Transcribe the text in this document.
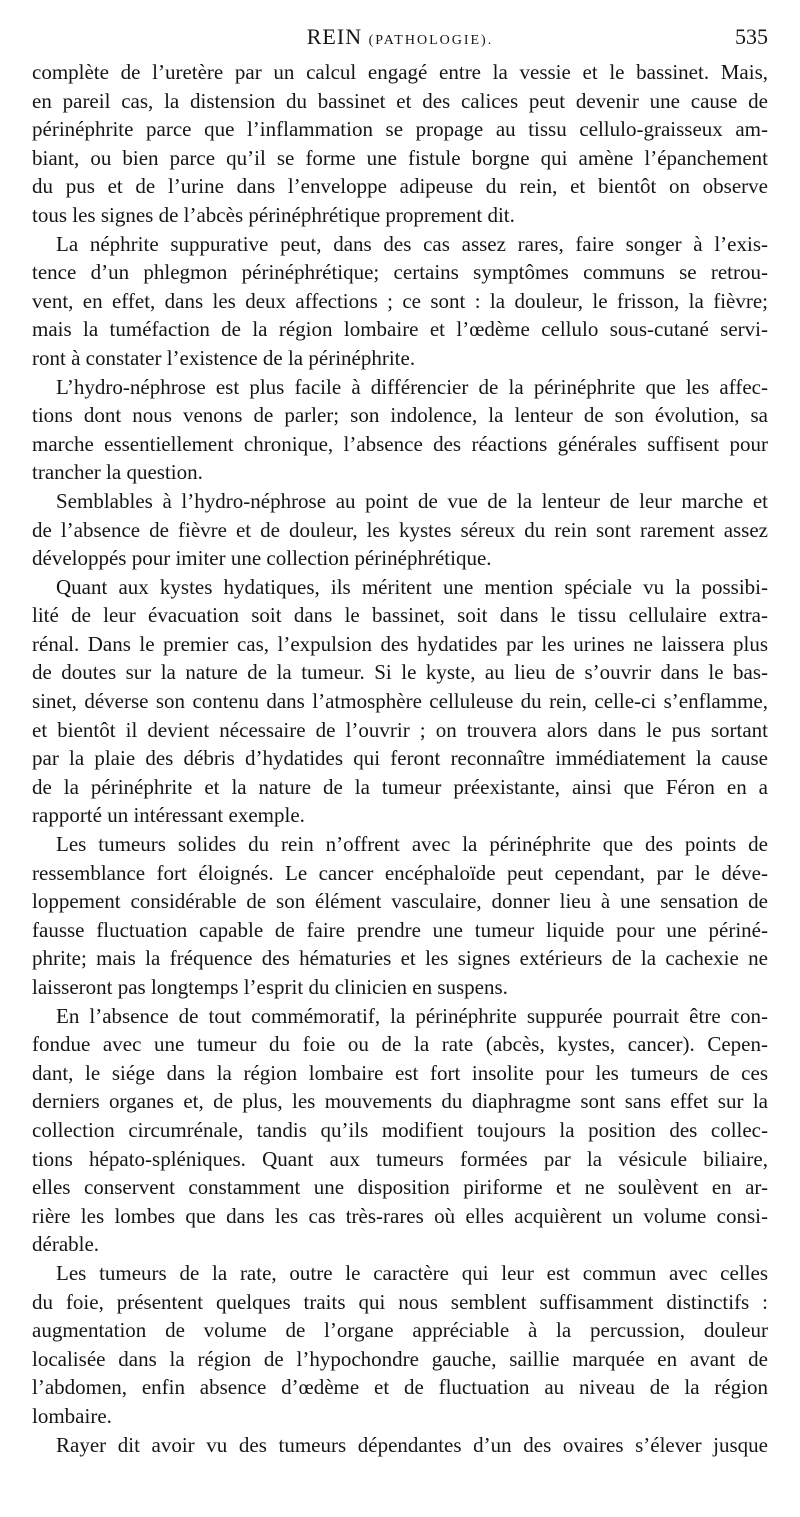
REIN (PATHOLOGIE).	535
complète de l’uretère par un calcul engagé entre la vessie et le bassinet. Mais,
en pareil cas, la distension du bassinet et des calices peut devenir une cause de
périnéphrite parce que l’inflammation se propage au tissu cellulo-graisseux am-
biant, ou bien parce qu’il se forme une fistule borgne qui amène l’épanchement
du pus et de l’urine dans l’enveloppe adipeuse du rein, et bientôt on observe
tous les signes de l’abcès périnéphrétique proprement dit.
La néphrite suppurative peut, dans des cas assez rares, faire songer à l’exis-
tence d’un phlegmon périnéphrétique; certains symptômes communs se retrou-
vent, en effet, dans les deux affections ; ce sont : la douleur, le frisson, la fièvre;
mais la tuméfaction de la région lombaire et l’œdème cellulo sous-cutané servi-
ront à constater l’existence de la périnéphrite.
L’hydro-néphrose est plus facile à différencier de la périnéphrite que les affec-
tions dont nous venons de parler; son indolence, la lenteur de son évolution, sa
marche essentiellement chronique, l’absence des réactions générales suffisent pour
trancher la question.
Semblables à l’hydro-néphrose au point de vue de la lenteur de leur marche et
de l’absence de fièvre et de douleur, les kystes séreux du rein sont rarement assez
développés pour imiter une collection périnéphrétique.
Quant aux kystes hydatiques, ils méritent une mention spéciale vu la possibi-
lité de leur évacuation soit dans le bassinet, soit dans le tissu cellulaire extra-
rénal. Dans le premier cas, l’expulsion des hydatides par les urines ne laissera plus
de doutes sur la nature de la tumeur. Si le kyste, au lieu de s’ouvrir dans le bas-
sinet, déverse son contenu dans l’atmosphère celluleuse du rein, celle-ci s’enflamme,
et bientôt il devient nécessaire de l’ouvrir ; on trouvera alors dans le pus sortant
par la plaie des débris d’hydatides qui feront reconnaître immédiatement la cause
de la périnéphrite et la nature de la tumeur préexistante, ainsi que Féron en a
rapporté un intéressant exemple.
Les tumeurs solides du rein n’offrent avec la périnéphrite que des points de
ressemblance fort éloignés. Le cancer encéphaloïde peut cependant, par le déve-
loppement considérable de son élément vasculaire, donner lieu à une sensation de
fausse fluctuation capable de faire prendre une tumeur liquide pour une périné-
phrite; mais la fréquence des hématuries et les signes extérieurs de la cachexie ne
laisseront pas longtemps l’esprit du clinicien en suspens.
En l’absence de tout commémoratif, la périnéphrite suppurée pourrait être con-
fondue avec une tumeur du foie ou de la rate (abcès, kystes, cancer). Cepen-
dant, le siége dans la région lombaire est fort insolite pour les tumeurs de ces
derniers organes et, de plus, les mouvements du diaphragme sont sans effet sur la
collection circumrénale, tandis qu’ils modifient toujours la position des collec-
tions hépato-spléniques. Quant aux tumeurs formées par la vésicule biliaire,
elles conservent constamment une disposition piriforme et ne soulèvent en ar-
rière les lombes que dans les cas très-rares où elles acquièrent un volume consi-
dérable.
Les tumeurs de la rate, outre le caractère qui leur est commun avec celles
du foie, présentent quelques traits qui nous semblent suffisamment distinctifs :
augmentation de volume de l’organe appréciable à la percussion, douleur
localisée dans la région de l’hypochondre gauche, saillie marquée en avant de
l’abdomen, enfin absence d’œdème et de fluctuation au niveau de la région
lombaire.
Rayer dit avoir vu des tumeurs dépendantes d’un des ovaires s’élever jusque
